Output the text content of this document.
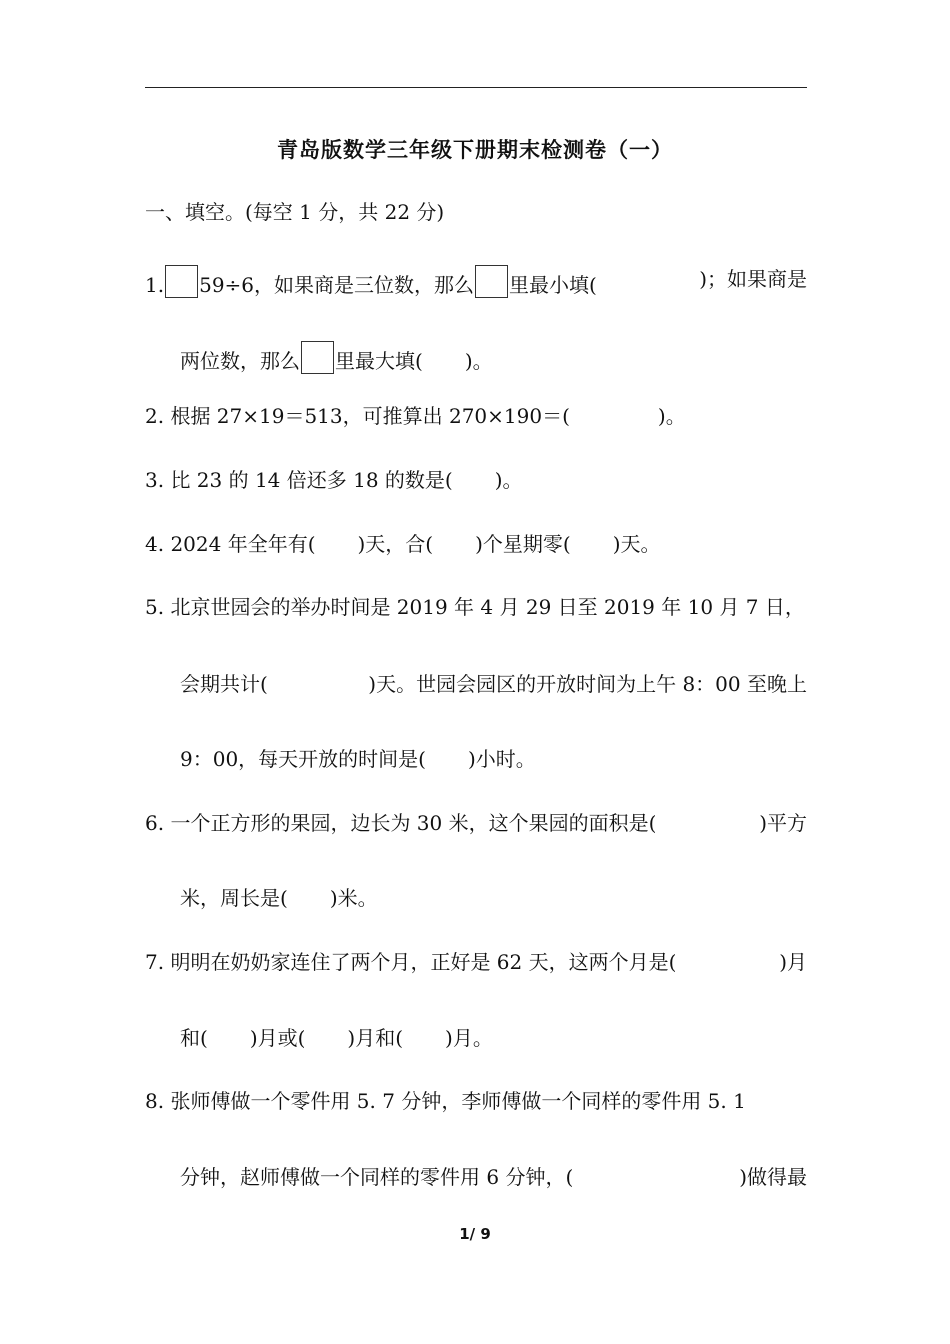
青岛版数学三年级下册期末检测卷（一）
一、填空。(每空 1 分，共 22 分)
1. 59÷6，如果商是三位数，那么 里最小填(	)；如果商是
两位数，那么 里最大填( )。
2. 根据 27×19＝513，可推算出 270×190＝(	)。
3. 比 23 的 14 倍还多 18 的数是( )。
4. 2024 年全年有( )天，合( )个星期零( )天。
5. 北京世园会的举办时间是 2019 年 4 月 29 日至 2019 年 10 月 7 日，
会期共计(	)天。世园会园区的开放时间为上午 8：00 至晚上
9：00，每天开放的时间是( )小时。
6. 一个正方形的果园，边长为 30 米，这个果园的面积是(	)平方
米，周长是( )米。
7. 明明在奶奶家连住了两个月，正好是 62 天，这两个月是(	)月
和( )月或( )月和( )月。
8. 张师傅做一个零件用 5. 7 分钟，李师傅做一个同样的零件用 5. 1
分钟，赵师傅做一个同样的零件用 6 分钟，(	)做得最
1/ 9
